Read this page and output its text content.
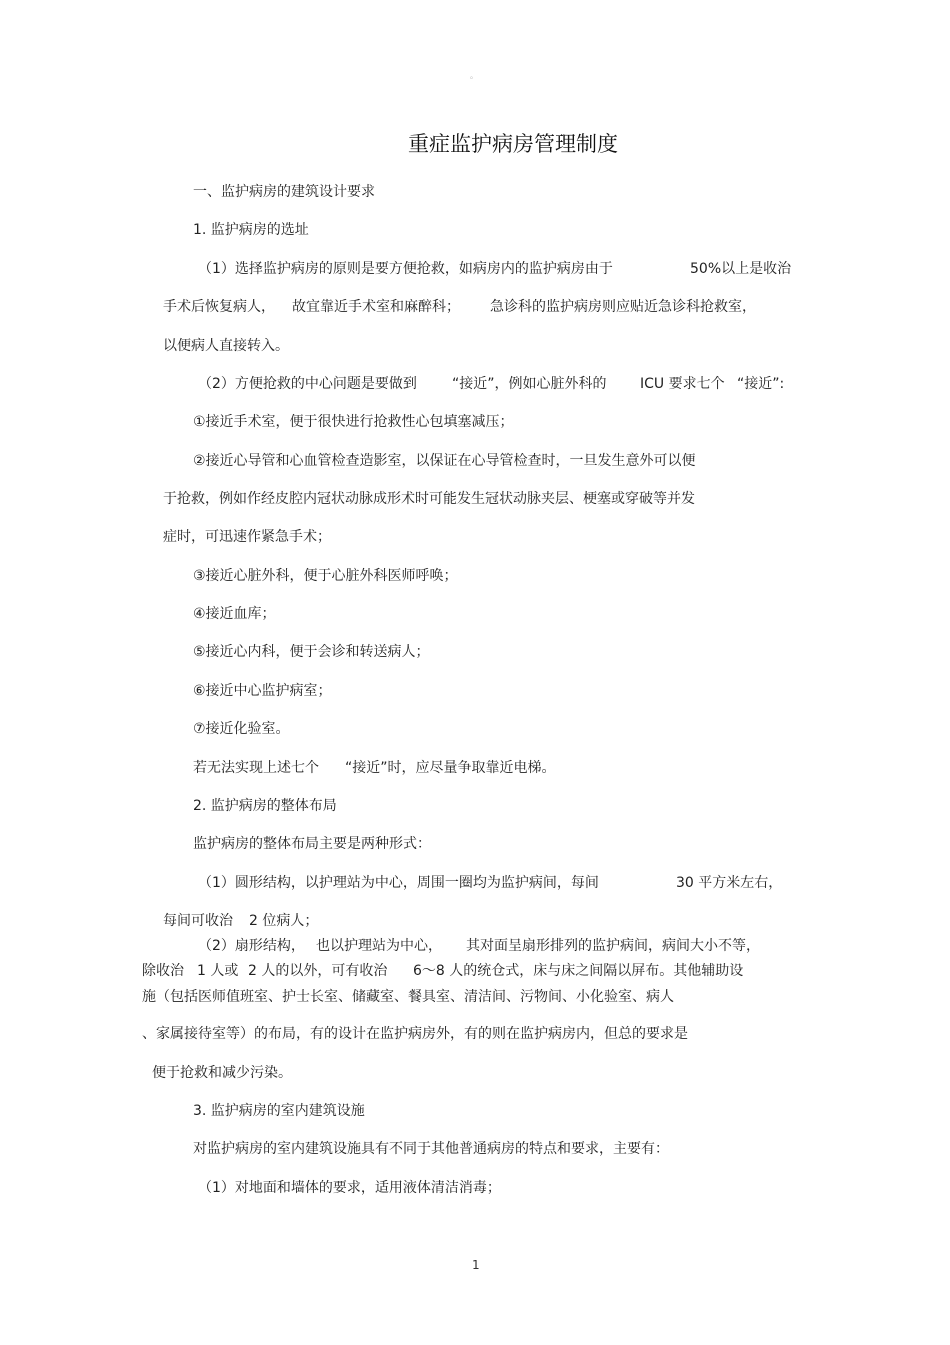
。
重症监护病房管理制度
一、监护病房的建筑设计要求
1. 监护病房的选址
（1）选择监护病房的原则是要方便抢救，如病房内的监护病房由于	50%以上是收治
手术后恢复病人， 故宜靠近手术室和麻醉科； 急诊科的监护病房则应贴近急诊科抢救室，
以便病人直接转入。
（2）方便抢救的中心问题是要做到	“接近”，例如心脏外科的 ICU 要求七个 “接近”:
①接近手术室，便于很快进行抢救性心包填塞减压；
②接近心导管和心血管检查造影室，以保证在心导管检查时，一旦发生意外可以便
于抢救，例如作经皮腔内冠状动脉成形术时可能发生冠状动脉夹层、梗塞或穿破等并发
症时，可迅速作紧急手术；
③接近心脏外科，便于心脏外科医师呼唤；
④接近血库；
⑤接近心内科，便于会诊和转送病人；
⑥接近中心监护病室；
⑦接近化验室。
若无法实现上述七个 “接近”时，应尽量争取靠近电梯。
2. 监护病房的整体布局
监护病房的整体布局主要是两种形式：
（1）圆形结构，以护理站为中心，周围一圈均为监护病间，每间	30 平方米左右，
每间可收治 2 位病人；
（2）扇形结构， 也以护理站为中心， 其对面呈扇形排列的监护病间，病间大小不等，
除收治 1 人或 2 人的以外，可有收治 6～8 人的统仓式，床与床之间隔以屏布。其他辅助设
施（包括医师值班室、护士长室、储藏室、餐具室、清洁间、污物间、小化验室、病人
、家属接待室等）的布局，有的设计在监护病房外，有的则在监护病房内，但总的要求是
便于抢救和减少污染。
3. 监护病房的室内建筑设施
对监护病房的室内建筑设施具有不同于其他普通病房的特点和要求，主要有：
（1）对地面和墙体的要求，适用液体清洁消毒；
1
